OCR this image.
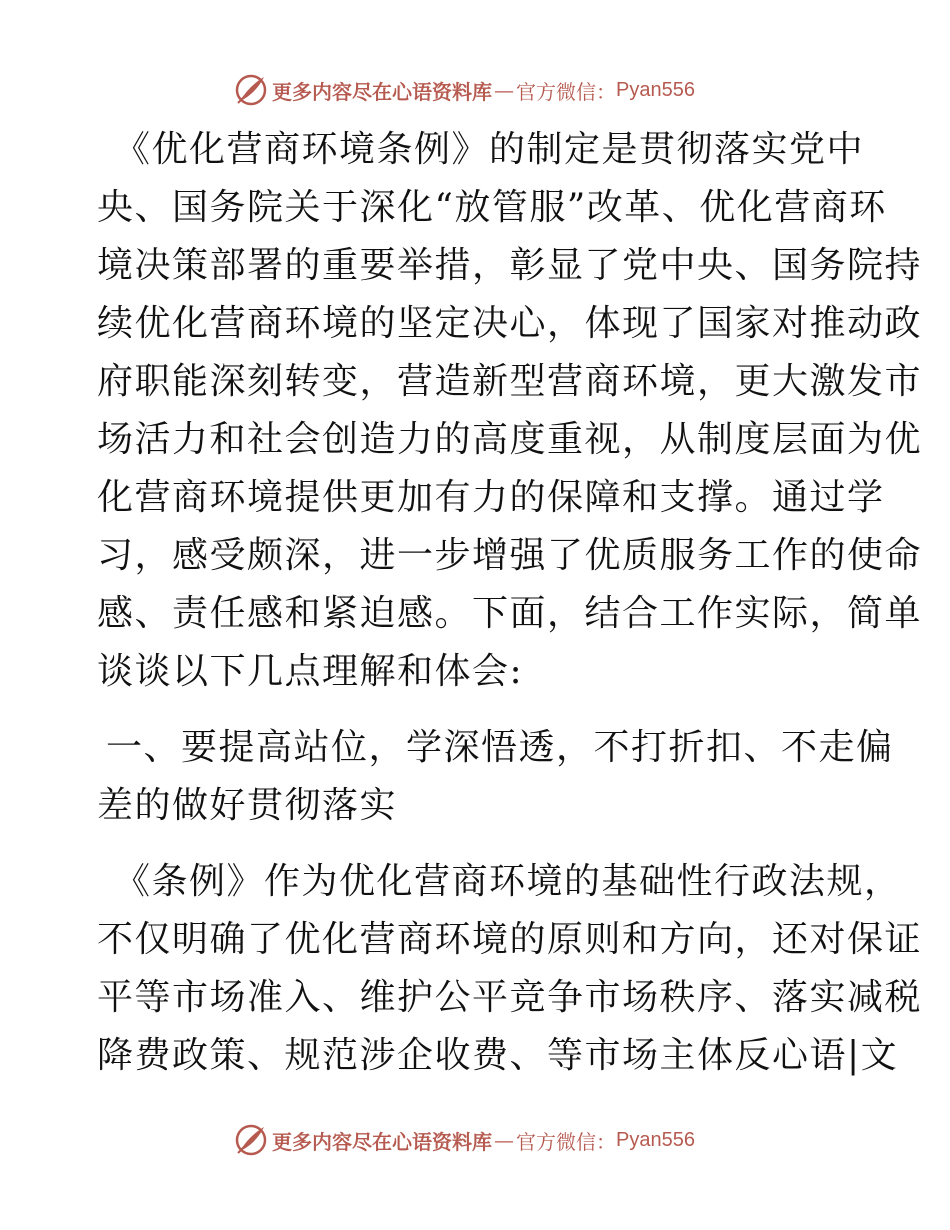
更多内容尽在心语资料库 — 官方微信： Pyan556
《优化营商环境条例》的制定是贯彻落实党中
央、国务院关于深化“放管服”改革、优化营商环
境决策部署的重要举措，彰显了党中央、国务院持
续优化营商环境的坚定决心，体现了国家对推动政
府职能深刻转变，营造新型营商环境，更大激发市
场活力和社会创造力的高度重视，从制度层面为优
化营商环境提供更加有力的保障和支撑。通过学
习，感受颇深，进一步增强了优质服务工作的使命
感、责任感和紧迫感。下面，结合工作实际，简单
谈谈以下几点理解和体会:
一、要提高站位，学深悟透，不打折扣、不走偏
差的做好贯彻落实
《条例》作为优化营商环境的基础性行政法规，
不仅明确了优化营商环境的原则和方向，还对保证
平等市场准入、维护公平竞争市场秩序、落实减税
降费政策、规范涉企收费、等市场主体反心语|文
更多内容尽在心语资料库 — 官方微信： Pyan556
